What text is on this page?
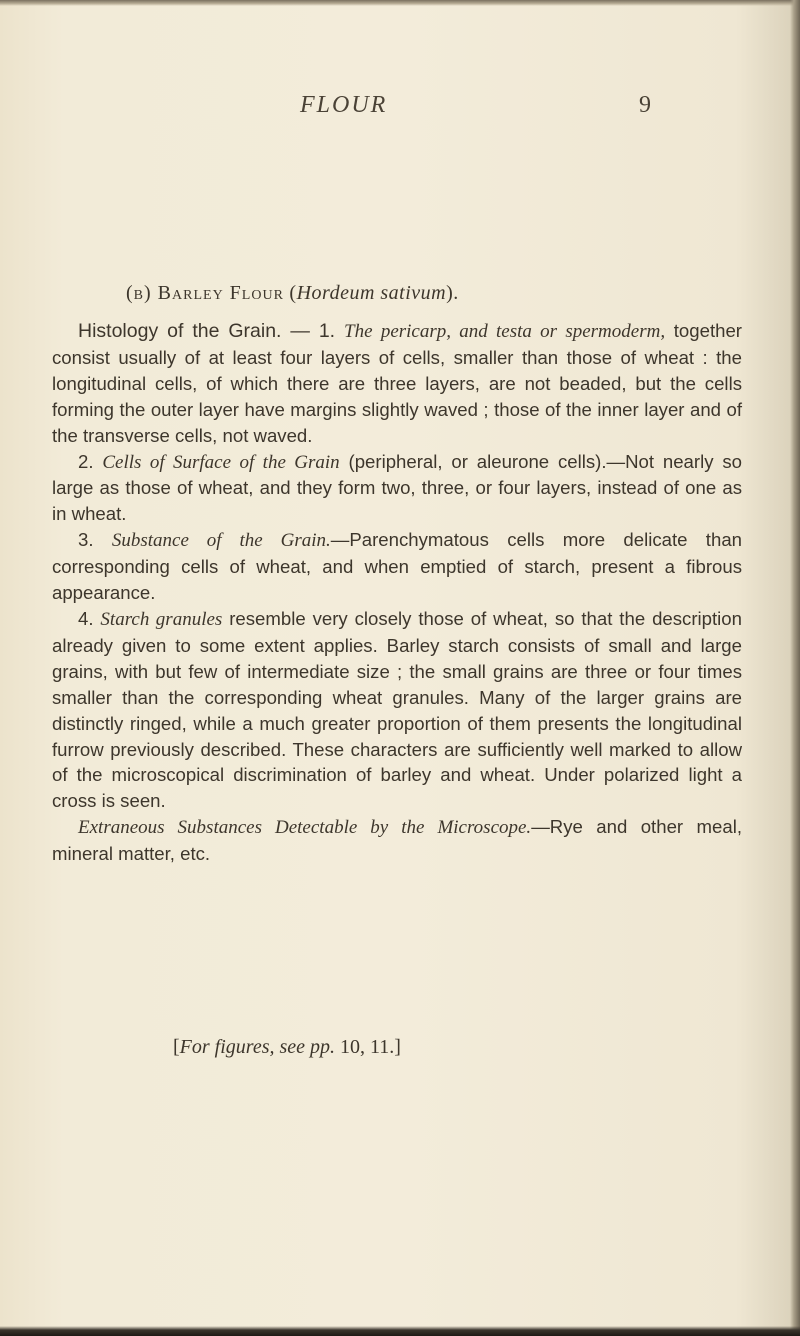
FLOUR	9
(b) Barley Flour (Hordeum sativum).

Histology of the Grain. — 1. The pericarp, and testa or spermoderm, together consist usually of at least four layers of cells, smaller than those of wheat : the longitudinal cells, of which there are three layers, are not beaded, but the cells forming the outer layer have margins slightly waved ; those of the inner layer and of the transverse cells, not waved.

2. Cells of Surface of the Grain (peripheral, or aleurone cells).—Not nearly so large as those of wheat, and they form two, three, or four layers, instead of one as in wheat.

3. Substance of the Grain.—Parenchymatous cells more delicate than corresponding cells of wheat, and when emptied of starch, present a fibrous appearance.

4. Starch granules resemble very closely those of wheat, so that the description already given to some extent applies. Barley starch consists of small and large grains, with but few of intermediate size ; the small grains are three or four times smaller than the corresponding wheat granules. Many of the larger grains are distinctly ringed, while a much greater proportion of them presents the longitudinal furrow previously described. These characters are sufficiently well marked to allow of the microscopical discrimination of barley and wheat. Under polarized light a cross is seen.

Extraneous Substances Detectable by the Microscope.—Rye and other meal, mineral matter, etc.

[For figures, see pp. 10, 11.]
